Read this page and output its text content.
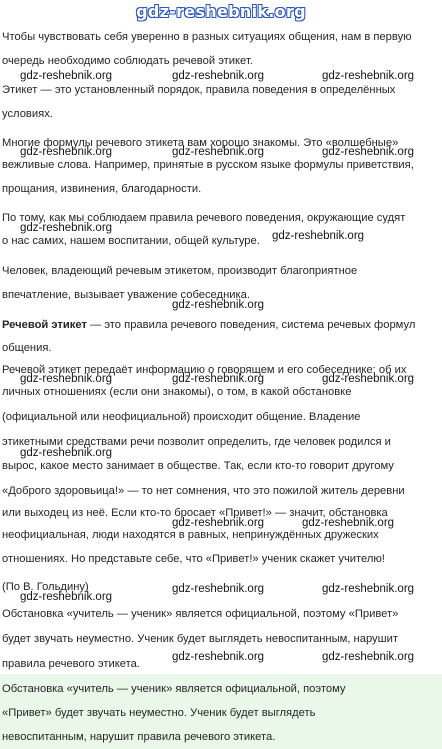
gdz-reshebnik.org
Чтобы чувствовать себя уверенно в разных ситуациях общения, нам в первую
очередь необходимо соблюдать речевой этикет.
Этикет — это установленный порядок, правила поведения в определённых
условиях.
Многие формулы речевого этикета вам хорошо знакомы. Это «волшебные»
вежливые слова. Например, принятые в русском языке формулы приветствия,
прощания, извинения, благодарности.
По тому, как мы соблюдаем правила речевого поведения, окружающие судят
о нас самих, нашем воспитании, общей культуре.
Человек, владеющий речевым этикетом, производит благоприятное
впечатление, вызывает уважение собеседника.
Речевой этикет — это правила речевого поведения, система речевых формул
общения.
Речевой этикет передаёт информацию о говорящем и его собеседнике: об их
личных отношениях (если они знакомы), о том, в какой обстановке
(официальной или неофициальной) происходит общение. Владение
этикетными средствами речи позволит определить, где человек родился и
вырос, какое место занимает в обществе. Так, если кто-то говорит другому
«Доброго здоровьица!» — то нет сомнения, что это пожилой житель деревни
или выходец из неё. Если кто-то бросает «Привет!» — значит, обстановка
неофициальная, люди находятся в равных, непринуждённых дружеских
отношениях. Но представьте себе, что «Привет!» ученик скажет учителю!
(По В. Гольдину)
Обстановка «учитель — ученик» является официальной, поэтому «Привет»
будет звучать неуместно. Ученик будет выглядеть невоспитанным, нарушит
правила речевого этикета.
Обстановка «учитель — ученик» является официальной, поэтому
«Привет» будет звучать неуместно. Ученик будет выглядеть
невоспитанным, нарушит правила речевого этикета.
gdz-reshebnik.org	gdz-reshebnik.org	gdz-reshebnik.org
gdz-reshebnik.org	gdz-reshebnik.org	gdz-reshebnik.org
gdz-reshebnik.org
gdz-reshebnik.org
gdz-reshebnik.org
gdz-reshebnik.org	gdz-reshebnik.org	gdz-reshebnik.org
gdz-reshebnik.org
gdz-reshebnik.org	gdz-reshebnik.org
gdz-reshebnik.org
gdz-reshebnik.org	gdz-reshebnik.org
gdz-reshebnik.org	gdz-reshebnik.org
